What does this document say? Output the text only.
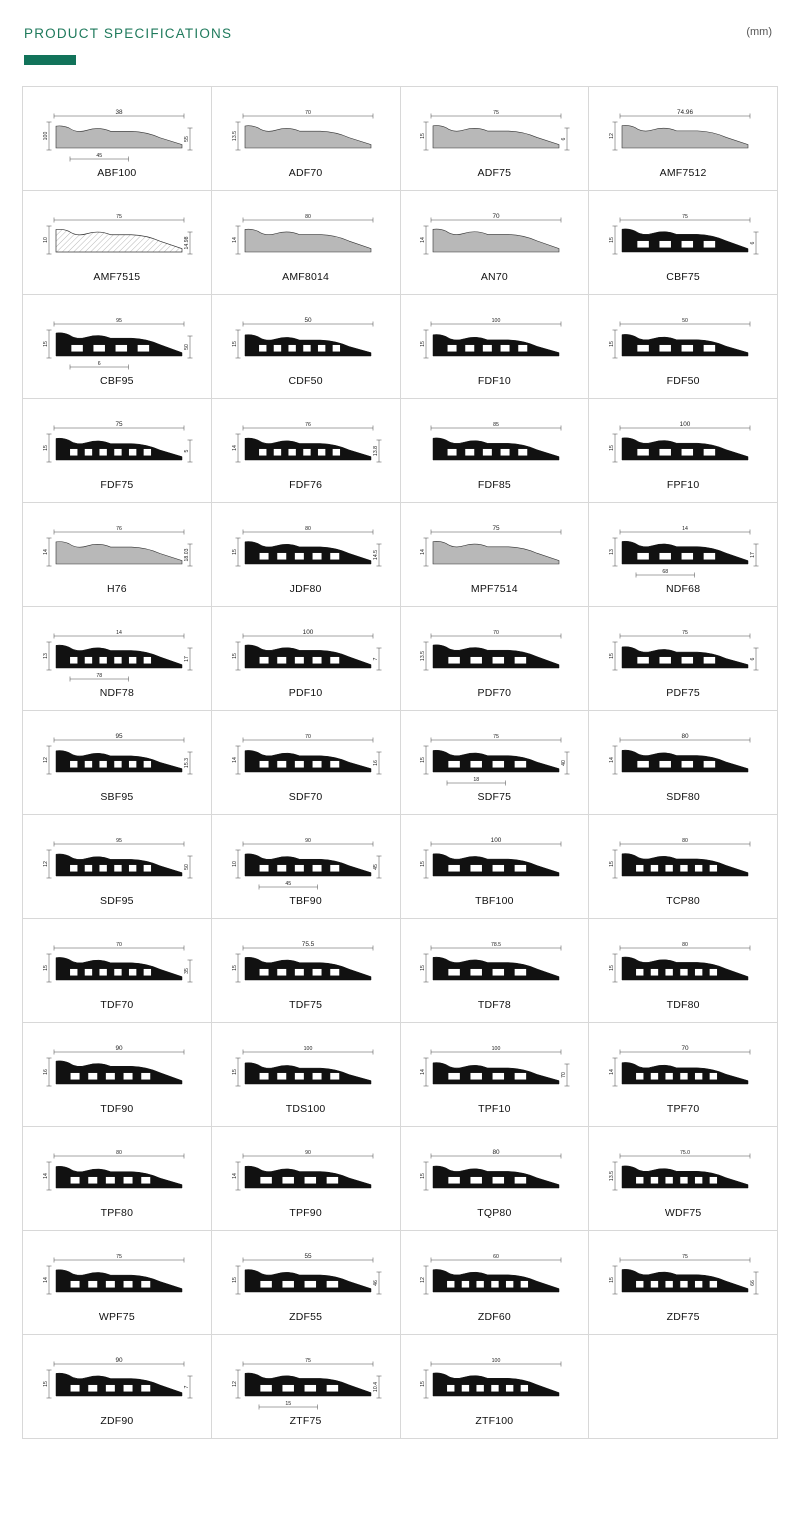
PRODUCT SPECIFICATIONS	(mm)
38
100	55
45
ABF100
70
13.5
ADF70
75
15
6
ADF75
74.96
12
AMF7512
75
10	14.98
AMF7515
80
14
AMF8014
70
14
AN70
75
15
6
CBF75
95
15
50
6
CBF95
50
15
CDF50
100
15
FDF10
50
15
FDF50
75
15
5
FDF75
76
14	13.8
FDF76
85
FDF85
100
15
FPF10
76
14	18.03
H76
80
15	14.5
JDF80
75
14
MPF7514
14
13
17
68
NDF68
14
13
17
78
NDF78
100
15
7
PDF10
70
13.5
PDF70
75
15
6
PDF75
95
12	15.3
SBF95
70
14
16
SDF70
75
15
40
18
SDF75
80
14
SDF80
95
12
50
SDF95
90
10
45
45
TBF90
100
15
TBF100
80
15
TCP80
70
15
35
TDF70
75.5
15
TDF75
78.5
15
TDF78
80
15
TDF80
90
16
TDF90
100
15
TDS100
100
14
70
TPF10
70
14
TPF70
80
14
TPF80
90
14
TPF90
80
15
TQP80
75.0
13.5
WDF75
75
14
WPF75
55
15
46
ZDF55
60
12
ZDF60
75
15
66
ZDF75
90
15
7
ZDF90
75
12	10.4
15
ZTF75
100
15
ZTF100
